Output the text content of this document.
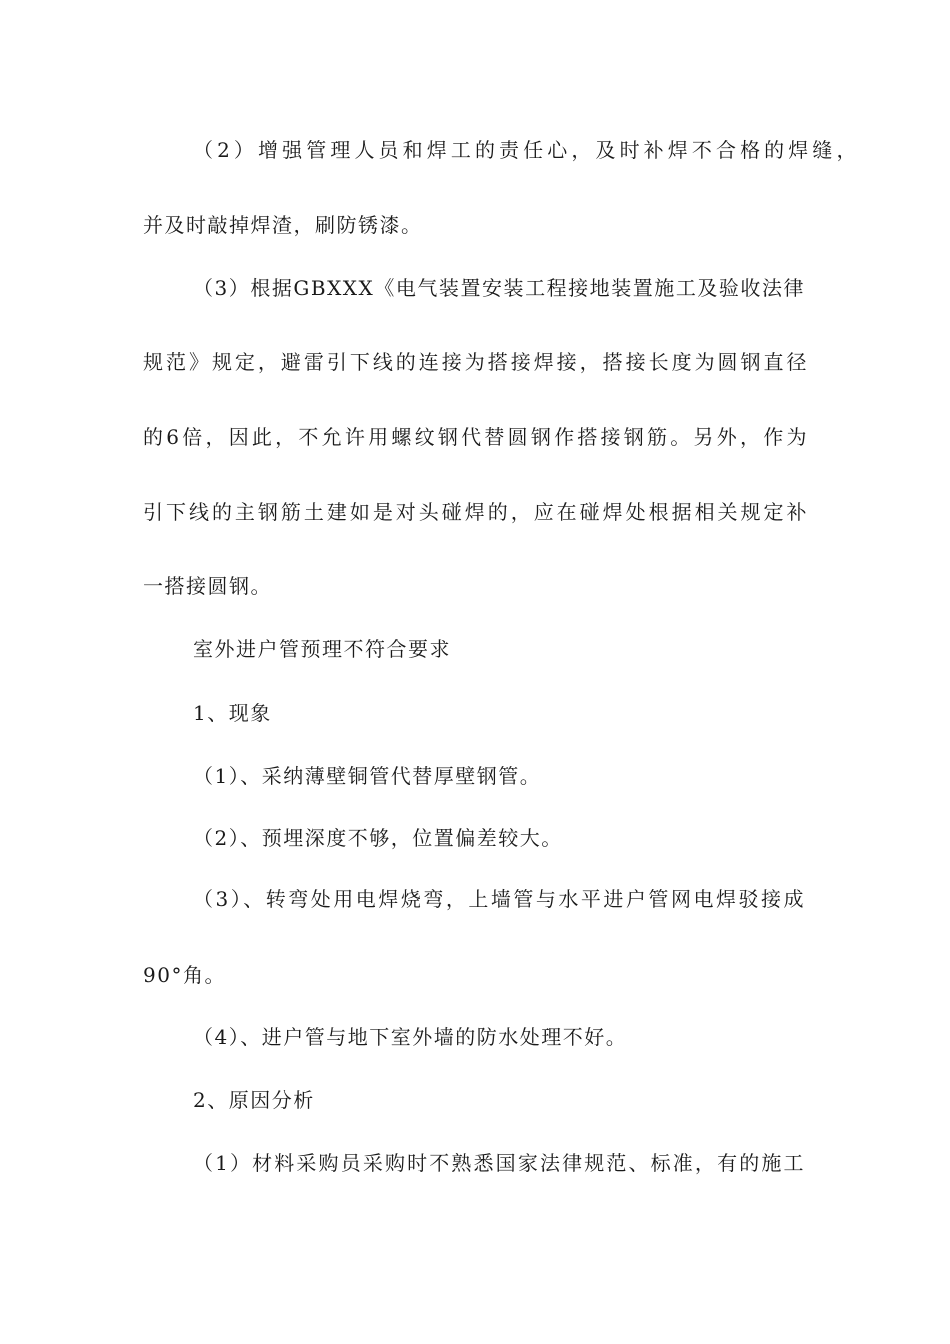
（2）增强管理人员和焊工的责任心，及时补焊不合格的焊缝，
并及时敲掉焊渣，刷防锈漆。
（3）根据GBXXX《电气装置安装工程接地装置施工及验收法律
规范》规定，避雷引下线的连接为搭接焊接，搭接长度为圆钢直径
的6倍，因此，不允许用螺纹钢代替圆钢作搭接钢筋。另外，作为
引下线的主钢筋土建如是对头碰焊的，应在碰焊处根据相关规定补
一搭接圆钢。
室外进户管预理不符合要求
1、现象
（1）、采纳薄壁铜管代替厚壁钢管。
（2）、预埋深度不够，位置偏差较大。
（3）、转弯处用电焊烧弯，上墙管与水平进户管网电焊驳接成
90°角。
（4）、进户管与地下室外墙的防水处理不好。
2、原因分析
（1）材料采购员采购时不熟悉国家法律规范、标准，有的施工
